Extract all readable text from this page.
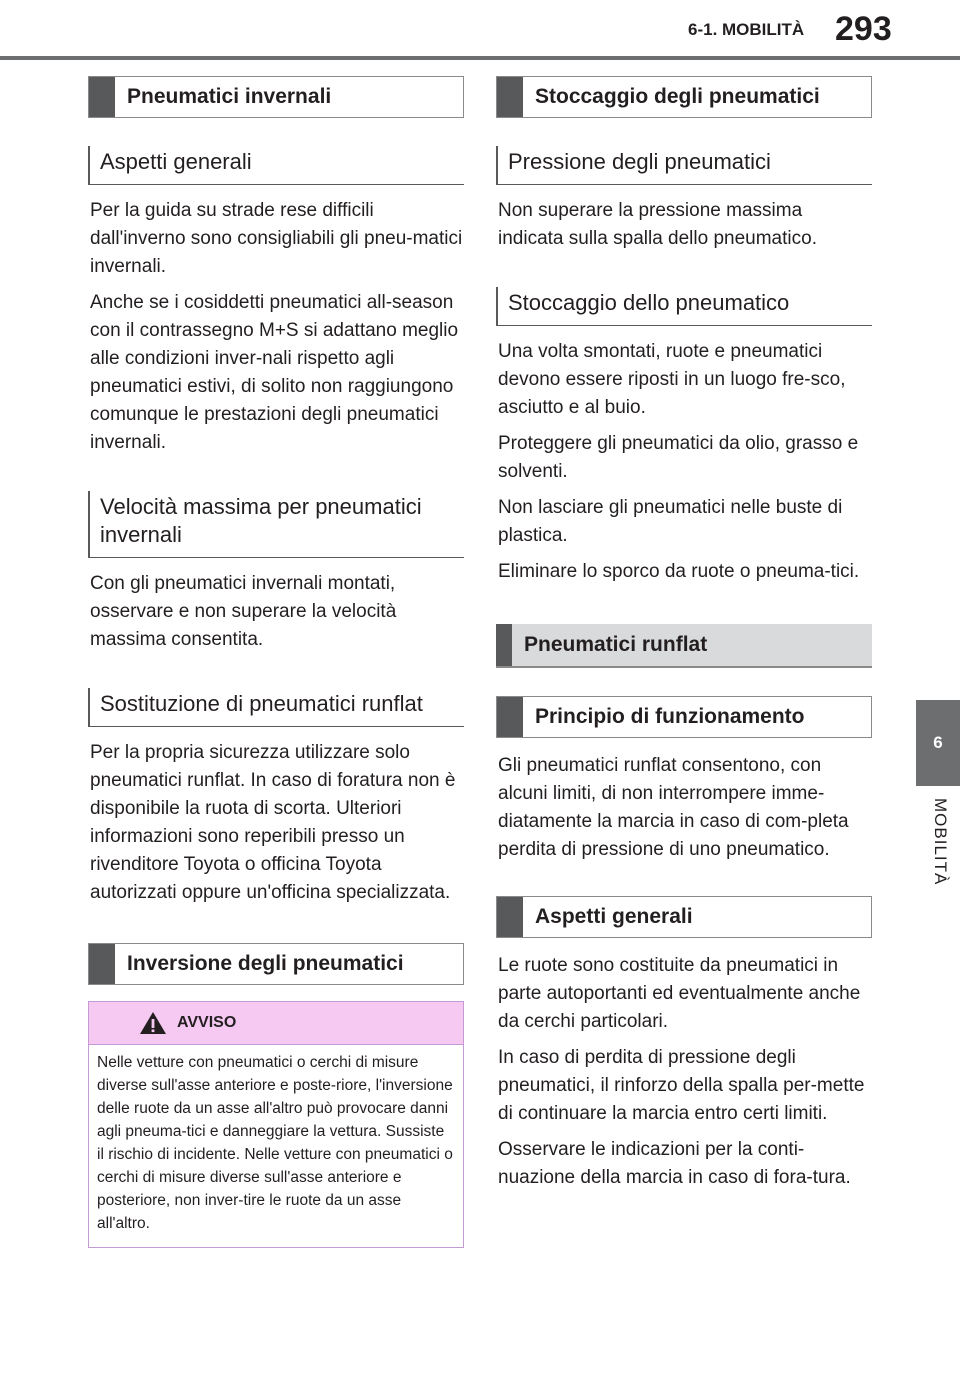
6-1. MOBILITÀ 293
6
MOBILITÀ
Pneumatici invernali
Aspetti generali

Per la guida su strade rese difficili dall'inverno sono consigliabili gli pneu-matici invernali.

Anche se i cosiddetti pneumatici all-season con il contrassegno M+S si adattano meglio alle condizioni inver-nali rispetto agli pneumatici estivi, di solito non raggiungono comunque le prestazioni degli pneumatici invernali.

Velocità massima per pneumatici invernali

Con gli pneumatici invernali montati, osservare e non superare la velocità massima consentita.

Sostituzione di pneumatici runflat

Per la propria sicurezza utilizzare solo pneumatici runflat. In caso di foratura non è disponibile la ruota di scorta. Ulteriori informazioni sono reperibili presso un rivenditore Toyota o officina Toyota autorizzati oppure un'officina specializzata.

Inversione degli pneumatici
AVVISO
Nelle vetture con pneumatici o cerchi di misure diverse sull'asse anteriore e poste-riore, l'inversione delle ruote da un asse all'altro può provocare danni agli pneuma-tici e danneggiare la vettura. Sussiste il rischio di incidente. Nelle vetture con pneumatici o cerchi di misure diverse sull'asse anteriore e posteriore, non inver-tire le ruote da un asse all'altro.
Stoccaggio degli pneumatici
Pressione degli pneumatici

Non superare la pressione massima indicata sulla spalla dello pneumatico.

Stoccaggio dello pneumatico

Una volta smontati, ruote e pneumatici devono essere riposti in un luogo fre-sco, asciutto e al buio.

Proteggere gli pneumatici da olio, grasso e solventi.

Non lasciare gli pneumatici nelle buste di plastica.

Eliminare lo sporco da ruote o pneuma-tici.

Pneumatici runflat
Principio di funzionamento

Gli pneumatici runflat consentono, con alcuni limiti, di non interrompere imme-diatamente la marcia in caso di com-pleta perdita di pressione di uno pneumatico.

Aspetti generali

Le ruote sono costituite da pneumatici in parte autoportanti ed eventualmente anche da cerchi particolari.

In caso di perdita di pressione degli pneumatici, il rinforzo della spalla per-mette di continuare la marcia entro certi limiti.

Osservare le indicazioni per la conti-nuazione della marcia in caso di fora-tura.
